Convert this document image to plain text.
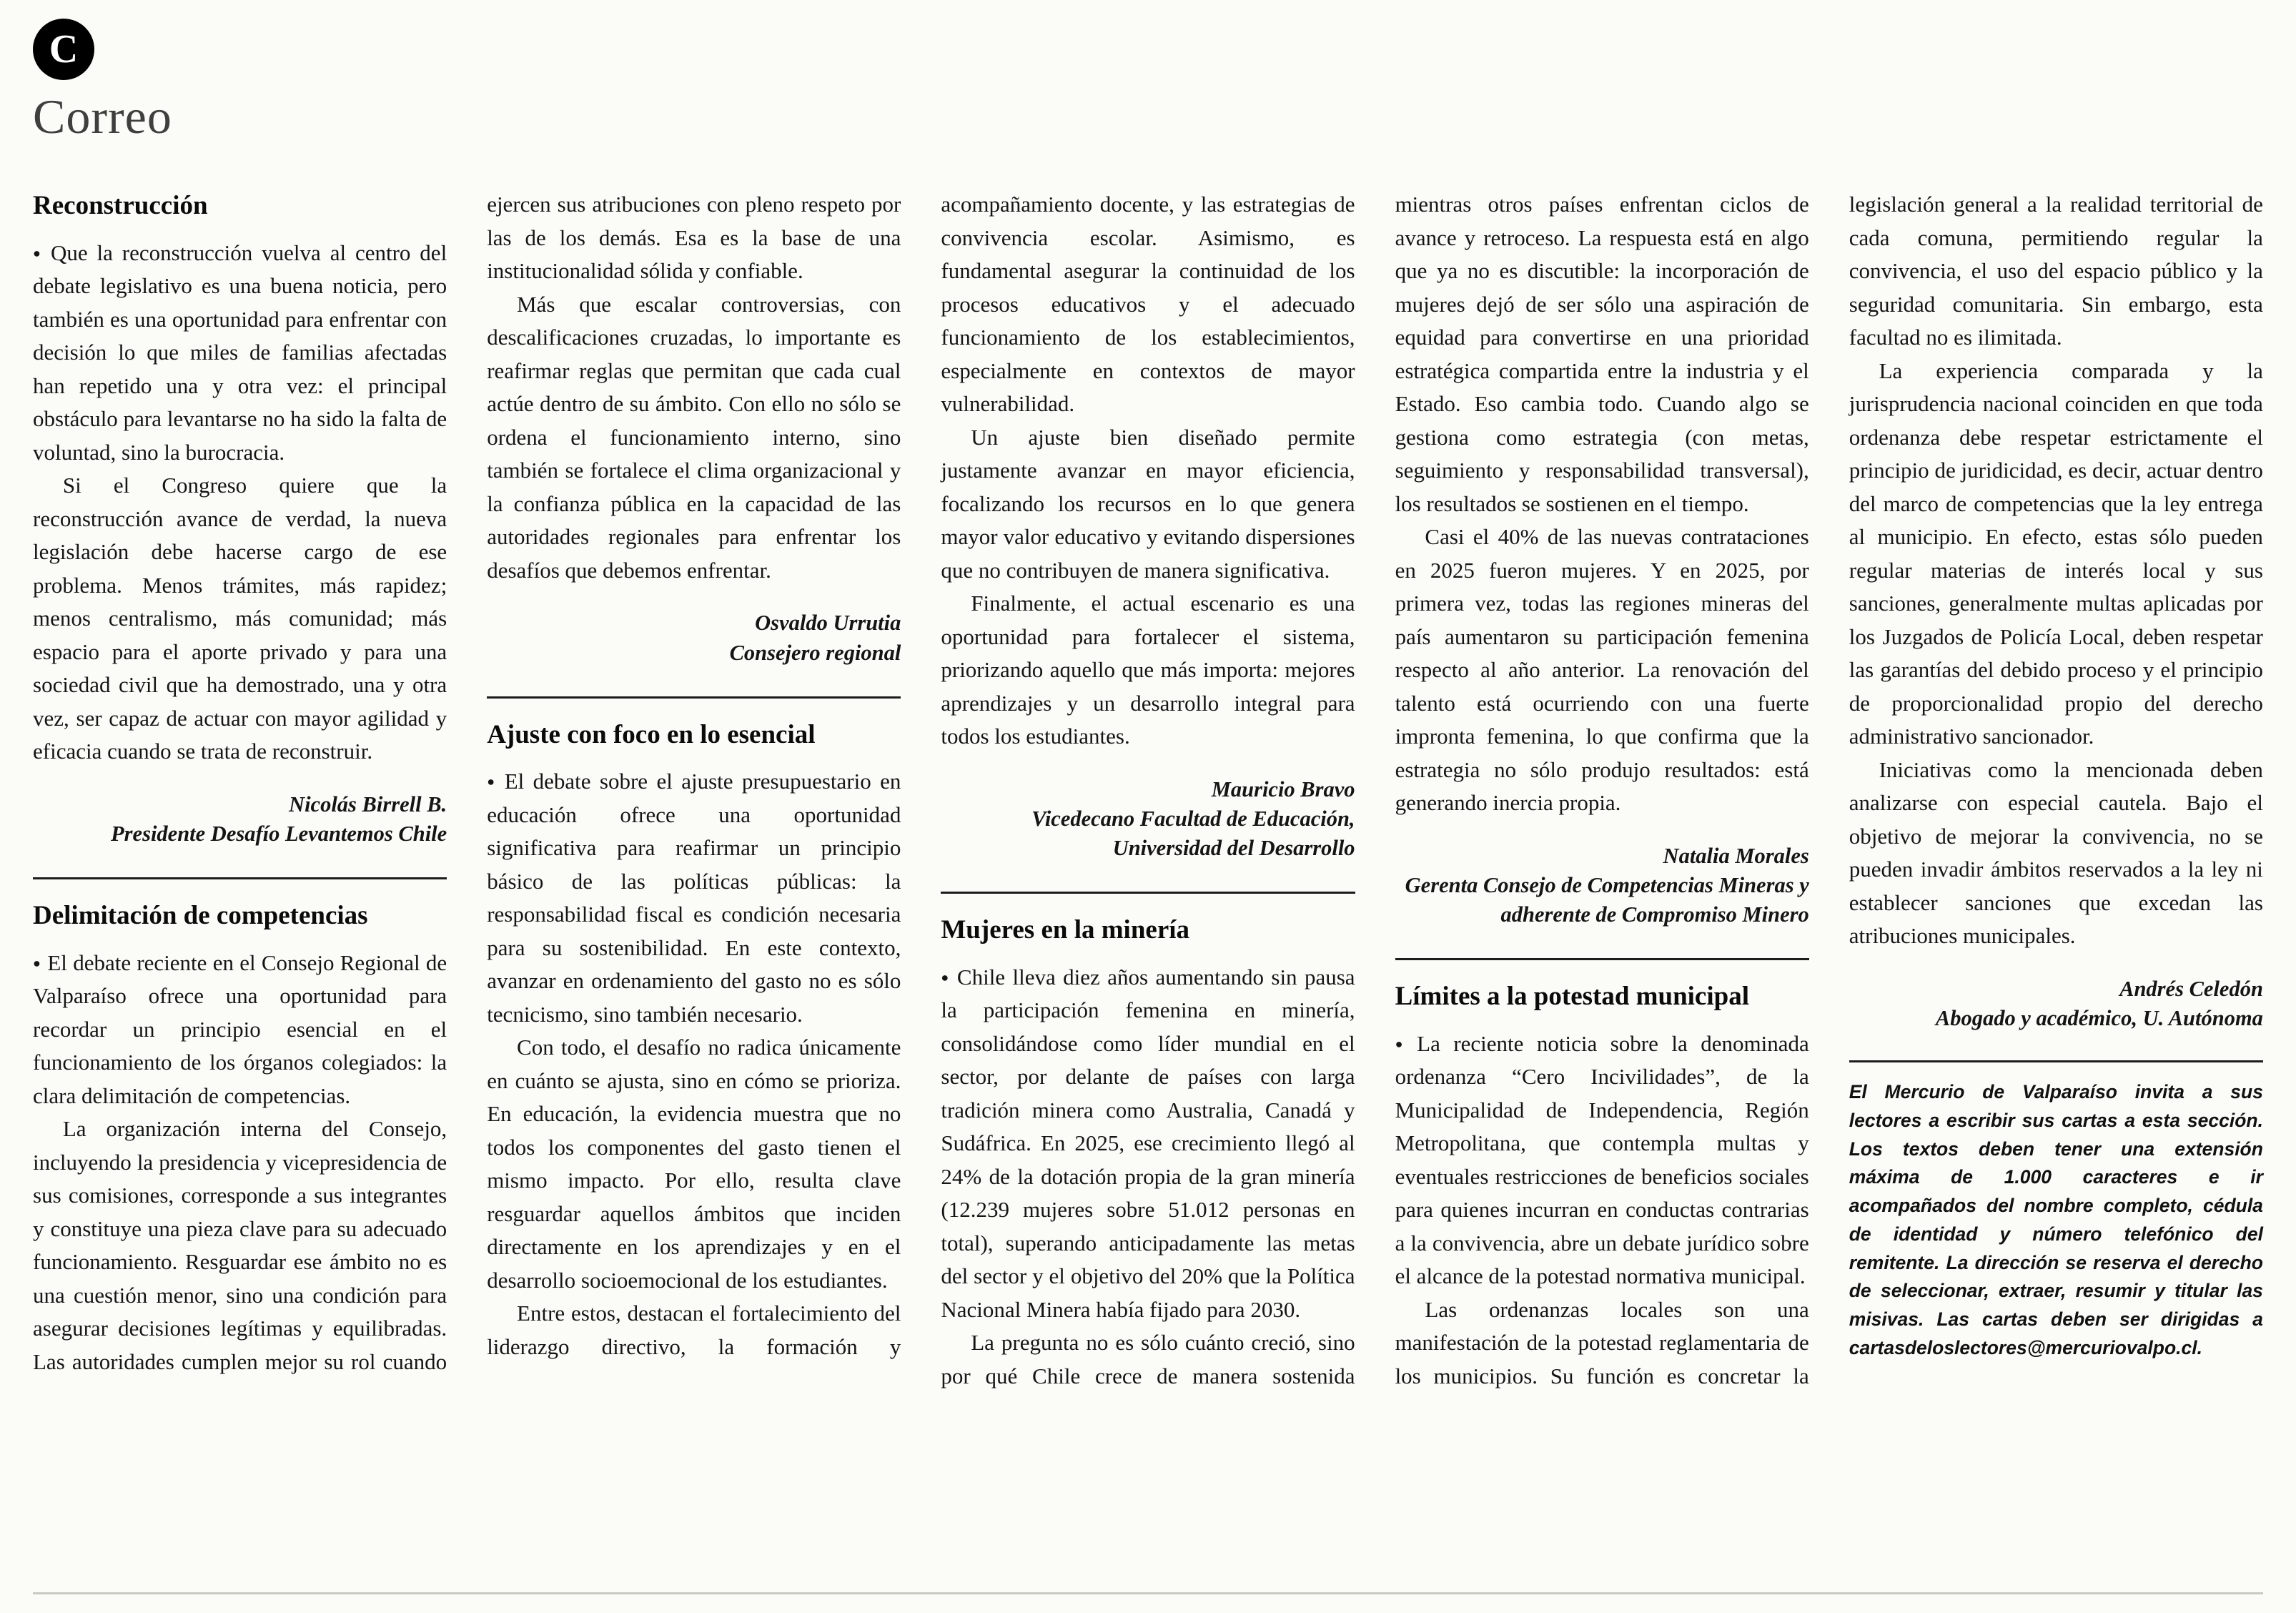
C
Correo
Reconstrucción

● Que la reconstrucción vuelva al centro del debate legislativo es una buena noticia, pero también es una oportunidad para enfrentar con decisión lo que miles de familias afectadas han repetido una y otra vez: el principal obstáculo para levantarse no ha sido la falta de voluntad, sino la burocracia.

Si el Congreso quiere que la reconstrucción avance de verdad, la nueva legislación debe hacerse cargo de ese problema. Menos trámites, más rapidez; menos centralismo, más comunidad; más espacio para el aporte privado y para una sociedad civil que ha demostrado, una y otra vez, ser capaz de actuar con mayor agilidad y eficacia cuando se trata de reconstruir.

Nicolás Birrell B.
Presidente Desafío Levantemos Chile
Delimitación de competencias

● El debate reciente en el Consejo Regional de Valparaíso ofrece una oportunidad para recordar un principio esencial en el funcionamiento de los órganos colegiados: la clara delimitación de competencias.

La organización interna del Consejo, incluyendo la presidencia y vicepresidencia de sus comisiones, corresponde a sus integrantes y constituye una pieza clave para su adecuado funcionamiento. Resguardar ese ámbito no es una cuestión menor, sino una condición para asegurar decisiones legítimas y equilibradas. Las autoridades cumplen mejor su rol cuando ejercen sus atribuciones con pleno respeto por las de los demás. Esa es la base de una institucionalidad sólida y confiable.

Más que escalar controversias, con descalificaciones cruzadas, lo importante es reafirmar reglas que permitan que cada cual actúe dentro de su ámbito. Con ello no sólo se ordena el funcionamiento interno, sino también se fortalece el clima organizacional y la confianza pública en la capacidad de las autoridades regionales para enfrentar los desafíos que debemos enfrentar.

Osvaldo Urrutia
Consejero regional
Ajuste con foco en lo esencial

● El debate sobre el ajuste presupuestario en educación ofrece una oportunidad significativa para reafirmar un principio básico de las políticas públicas: la responsabilidad fiscal es condición necesaria para su sostenibilidad. En este contexto, avanzar en ordenamiento del gasto no es sólo tecnicismo, sino también necesario.

Con todo, el desafío no radica únicamente en cuánto se ajusta, sino en cómo se prioriza. En educación, la evidencia muestra que no todos los componentes del gasto tienen el mismo impacto. Por ello, resulta clave resguardar aquellos ámbitos que inciden directamente en los aprendizajes y en el desarrollo socioemocional de los estudiantes.

Entre estos, destacan el fortalecimiento del liderazgo directivo, la formación y acompañamiento docente, y las estrategias de convivencia escolar. Asimismo, es fundamental asegurar la continuidad de los procesos educativos y el adecuado funcionamiento de los establecimientos, especialmente en contextos de mayor vulnerabilidad.

Un ajuste bien diseñado permite justamente avanzar en mayor eficiencia, focalizando los recursos en lo que genera mayor valor educativo y evitando dispersiones que no contribuyen de manera significativa.

Finalmente, el actual escenario es una oportunidad para fortalecer el sistema, priorizando aquello que más importa: mejores aprendizajes y un desarrollo integral para todos los estudiantes.

Mauricio Bravo
Vicedecano Facultad de Educación, Universidad del Desarrollo
Mujeres en la minería

● Chile lleva diez años aumentando sin pausa la participación femenina en minería, consolidándose como líder mundial en el sector, por delante de países con larga tradición minera como Australia, Canadá y Sudáfrica. En 2025, ese crecimiento llegó al 24% de la dotación propia de la gran minería (12.239 mujeres sobre 51.012 personas en total), superando anticipadamente las metas del sector y el objetivo del 20% que la Política Nacional Minera había fijado para 2030.

La pregunta no es sólo cuánto creció, sino por qué Chile crece de manera sostenida mientras otros países enfrentan ciclos de avance y retroceso. La respuesta está en algo que ya no es discutible: la incorporación de mujeres dejó de ser sólo una aspiración de equidad para convertirse en una prioridad estratégica compartida entre la industria y el Estado. Eso cambia todo. Cuando algo se gestiona como estrategia (con metas, seguimiento y responsabilidad transversal), los resultados se sostienen en el tiempo.

Casi el 40% de las nuevas contrataciones en 2025 fueron mujeres. Y en 2025, por primera vez, todas las regiones mineras del país aumentaron su participación femenina respecto al año anterior. La renovación del talento está ocurriendo con una fuerte impronta femenina, lo que confirma que la estrategia no sólo produjo resultados: está generando inercia propia.

Natalia Morales
Gerenta Consejo de Competencias Mineras y adherente de Compromiso Minero
Límites a la potestad municipal

● La reciente noticia sobre la denominada ordenanza “Cero Incivilidades”, de la Municipalidad de Independencia, Región Metropolitana, que contempla multas y eventuales restricciones de beneficios sociales para quienes incurran en conductas contrarias a la convivencia, abre un debate jurídico sobre el alcance de la potestad normativa municipal.

Las ordenanzas locales son una manifestación de la potestad reglamentaria de los municipios. Su función es concretar la legislación general a la realidad territorial de cada comuna, permitiendo regular la convivencia, el uso del espacio público y la seguridad comunitaria. Sin embargo, esta facultad no es ilimitada.

La experiencia comparada y la jurisprudencia nacional coinciden en que toda ordenanza debe respetar estrictamente el principio de juridicidad, es decir, actuar dentro del marco de competencias que la ley entrega al municipio. En efecto, estas sólo pueden regular materias de interés local y sus sanciones, generalmente multas aplicadas por los Juzgados de Policía Local, deben respetar las garantías del debido proceso y el principio de proporcionalidad propio del derecho administrativo sancionador.

Iniciativas como la mencionada deben analizarse con especial cautela. Bajo el objetivo de mejorar la convivencia, no se pueden invadir ámbitos reservados a la ley ni establecer sanciones que excedan las atribuciones municipales.

Andrés Celedón
Abogado y académico, U. Autónoma

El Mercurio de Valparaíso invita a sus lectores a escribir sus cartas a esta sección. Los textos deben tener una extensión máxima de 1.000 caracteres e ir acompañados del nombre completo, cédula de identidad y número telefónico del remitente. La dirección se reserva el derecho de seleccionar, extraer, resumir y titular las misivas. Las cartas deben ser dirigidas a cartasdeloslectores@mercuriovalpo.cl.
